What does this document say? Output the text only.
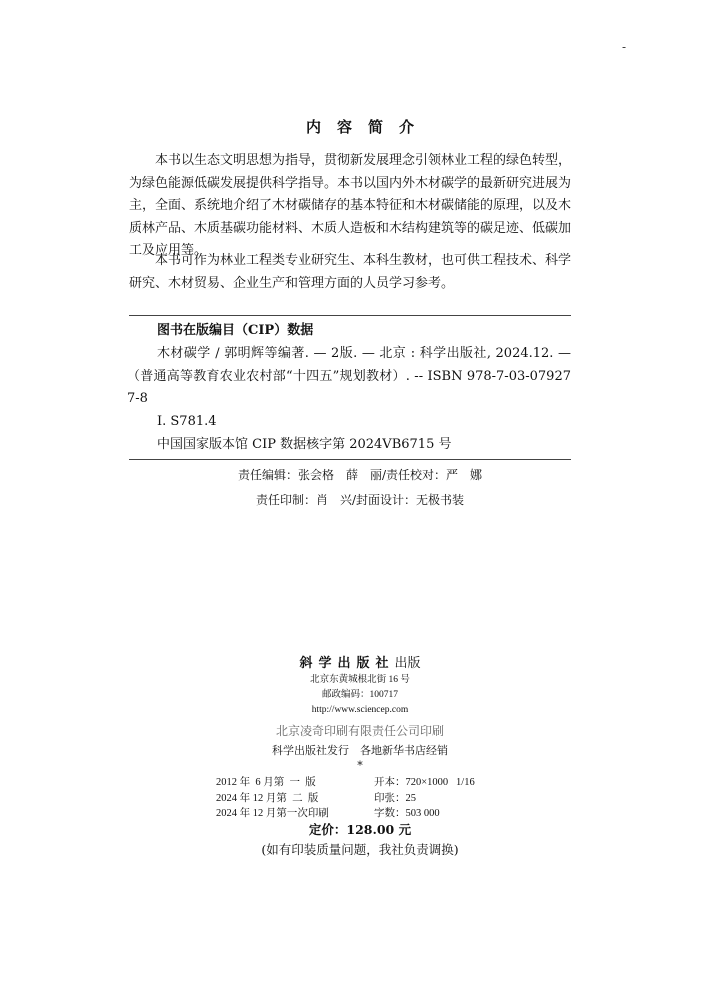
-
内容简介
本书以生态文明思想为指导，贯彻新发展理念引领林业工程的绿色转型，为绿色能源低碳发展提供科学指导。本书以国内外木材碳学的最新研究进展为主，全面、系统地介绍了木材碳储存的基本特征和木材碳储能的原理，以及木质林产品、木质基碳功能材料、木质人造板和木结构建筑等的碳足迹、低碳加工及应用等。
本书可作为林业工程类专业研究生、本科生教材，也可供工程技术、科学研究、木材贸易、企业生产和管理方面的人员学习参考。
图书在版编目（CIP）数据
木材碳学 / 郭明辉等编著. — 2版. — 北京 : 科学出版社, 2024.12. —（普通高等教育农业农村部“十四五”规划教材）. -- ISBN 978-7-03-079277-8
Ⅰ. S781.4
中国国家版本馆 CIP 数据核字第 2024VB6715 号
责任编辑：张会格　薛　丽/责任校对：严　娜
责任印制：肖　兴/封面设计：无极书装
斜学出版社出版
北京东黄城根北街 16 号
邮政编码：100717
http://www.sciencep.com
北京凌奇印刷有限责任公司印刷
科学出版社发行　各地新华书店经销
*
2012 年  6 月第  一  版	开本：720×1000   1/16
2024 年 12 月第  二  版	印张：25
2024 年 12 月第一次印刷	字数：503 000
定价：128.00 元
(如有印装质量问题，我社负责调换)
